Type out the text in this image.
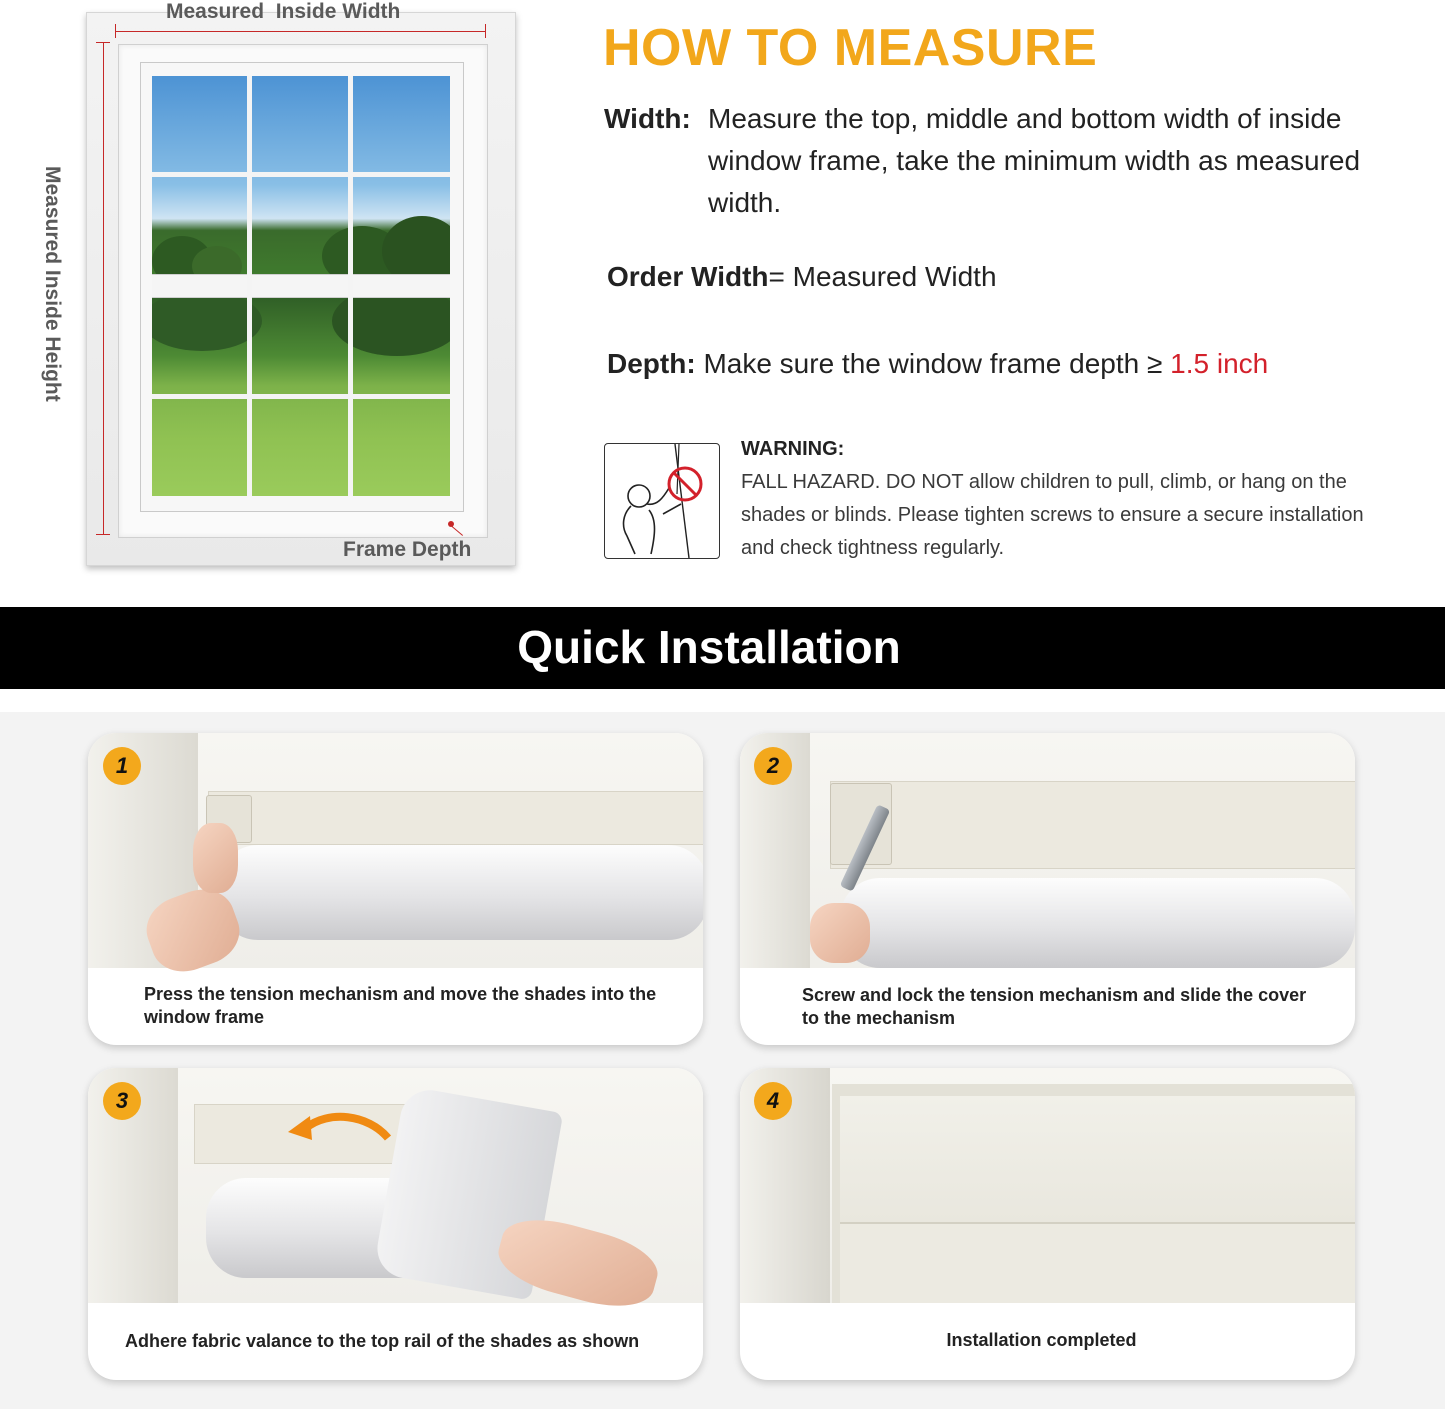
Measured  Inside Width
Measured Inside Height
Frame Depth
HOW TO MEASURE
Width: Measure the top, middle and bottom width of inside window frame, take the minimum width as measured width.
Order Width= Measured Width
Depth: Make sure the window frame depth ≥ 1.5 inch
WARNING:
FALL HAZARD. DO NOT allow children to pull, climb, or hang on the shades or blinds. Please tighten screws to ensure a secure installation and check tightness regularly.
Quick Installation
Press the tension mechanism and move the shades into the window frame
1
Screw and lock the tension mechanism and slide the cover to the mechanism
2
Adhere fabric valance to the top rail of the shades as shown
3
Installation completed
4
